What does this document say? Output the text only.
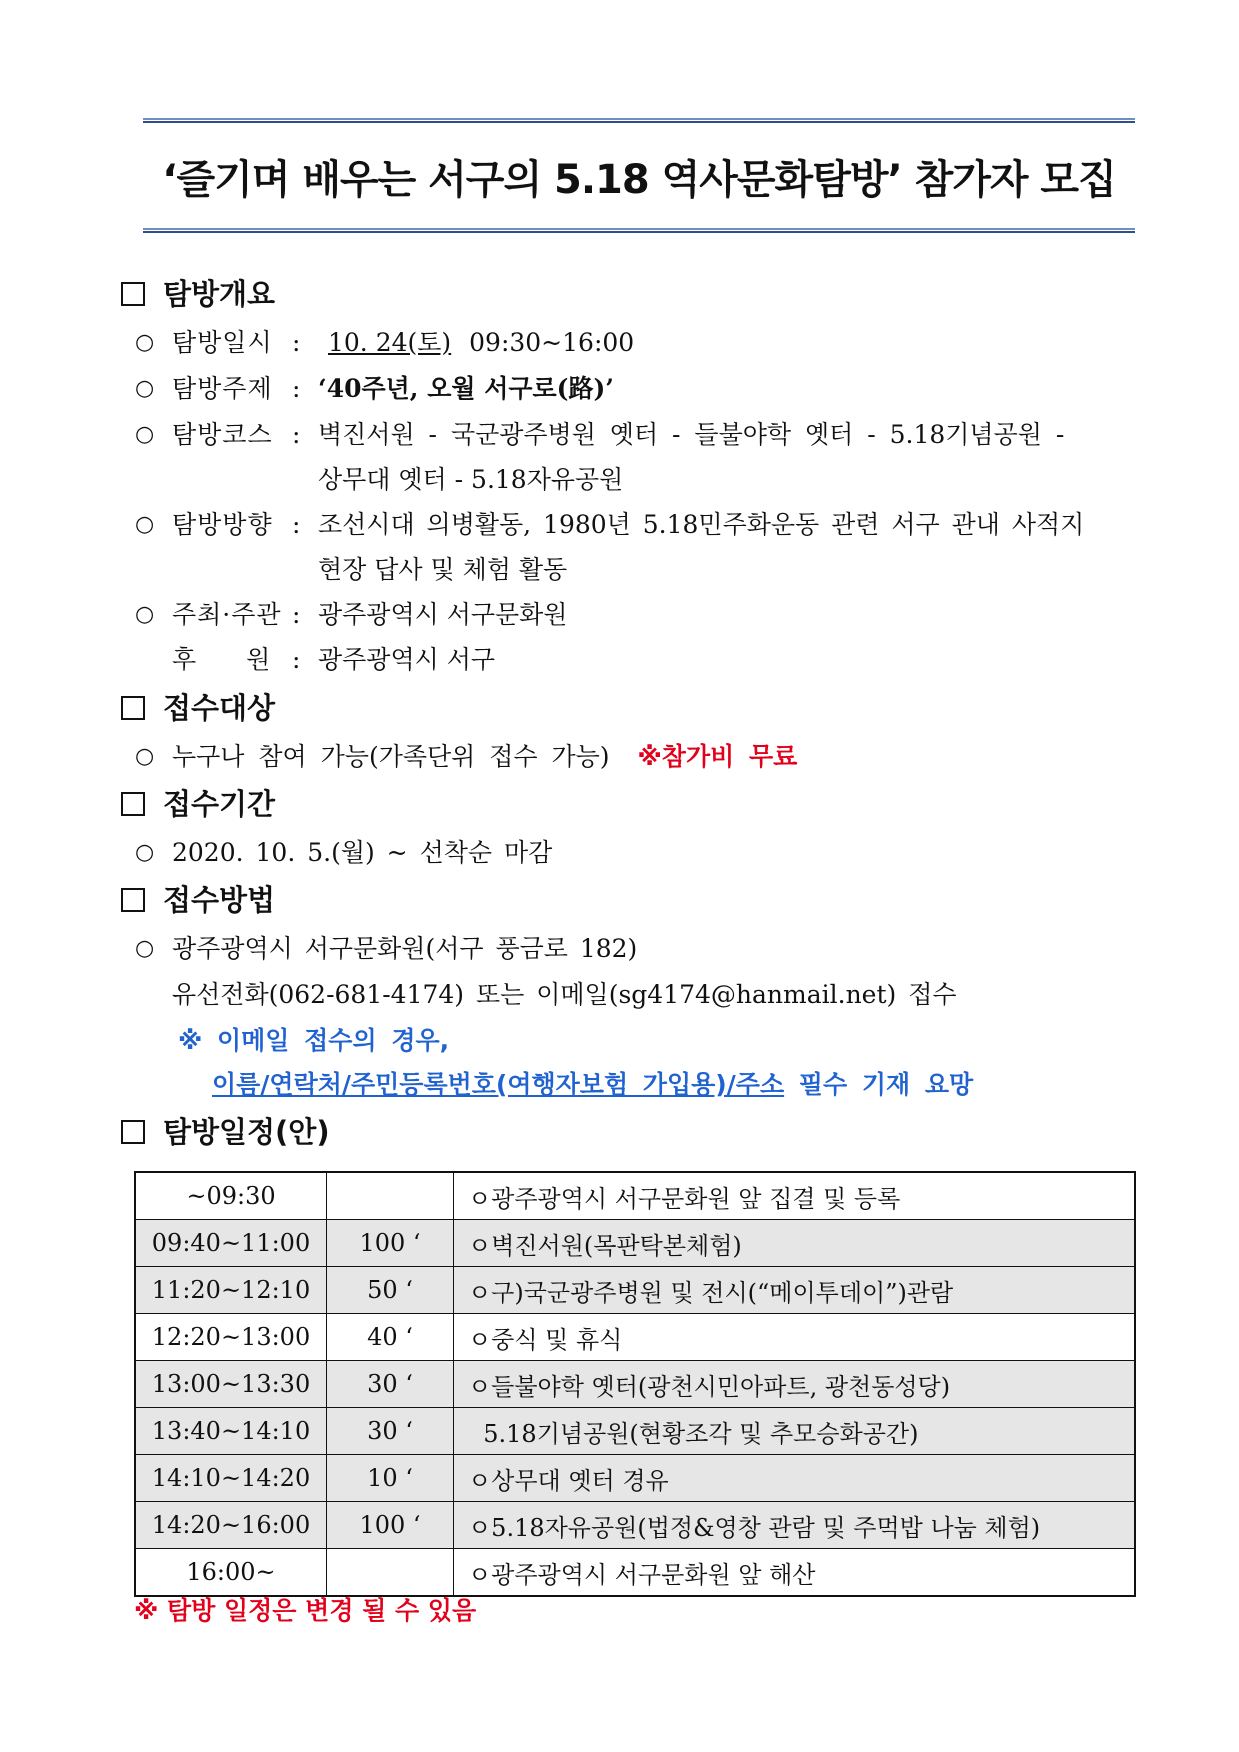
‘즐기며 배우는 서구의 5.18 역사문화탐방’ 참가자 모집
탐방개요
○ 탐방일시 : 10. 24(토) 09:30~16:00
○ 탐방주제 : ‘40주년, 오월 서구로(路)’
○ 탐방코스 : 벽진서원 - 국군광주병원 옛터 - 들불야학 옛터 - 5.18기념공원 -
상무대 옛터 - 5.18자유공원
○ 탐방방향 : 조선시대 의병활동, 1980년 5.18민주화운동 관련 서구 관내 사적지
현장 답사 및 체험 활동
○ 주최·주관 : 광주광역시 서구문화원
후 원 : 광주광역시 서구
접수대상
○ 누구나 참여 가능(가족단위 접수 가능) ※참가비 무료
접수기간
○ 2020. 10. 5.(월) ~ 선착순 마감
접수방법
○ 광주광역시 서구문화원(서구 풍금로 182)
유선전화(062-681-4174) 또는 이메일(sg4174@hanmail.net) 접수
※ 이메일 접수의 경우,
이름/연락처/주민등록번호(여행자보험 가입용)/주소 필수 기재 요망
탐방일정(안)
~09:30		ㅇ광주광역시 서구문화원 앞 집결 및 등록
09:40~11:00	100 ‘	ㅇ벽진서원(목판탁본체험)
11:20~12:10	50 ‘	ㅇ구)국군광주병원 및 전시(“메이투데이”)관람
12:20~13:00	40 ‘	ㅇ중식 및 휴식
13:00~13:30	30 ‘	ㅇ들불야학 옛터(광천시민아파트, 광천동성당)
13:40~14:10	30 ‘	5.18기념공원(현황조각 및 추모승화공간)
14:10~14:20	10 ‘	ㅇ상무대 옛터 경유
14:20~16:00	100 ‘	ㅇ5.18자유공원(법정&영창 관람 및 주먹밥 나눔 체험)
16:00~		ㅇ광주광역시 서구문화원 앞 해산
※ 탐방 일정은 변경 될 수 있음
